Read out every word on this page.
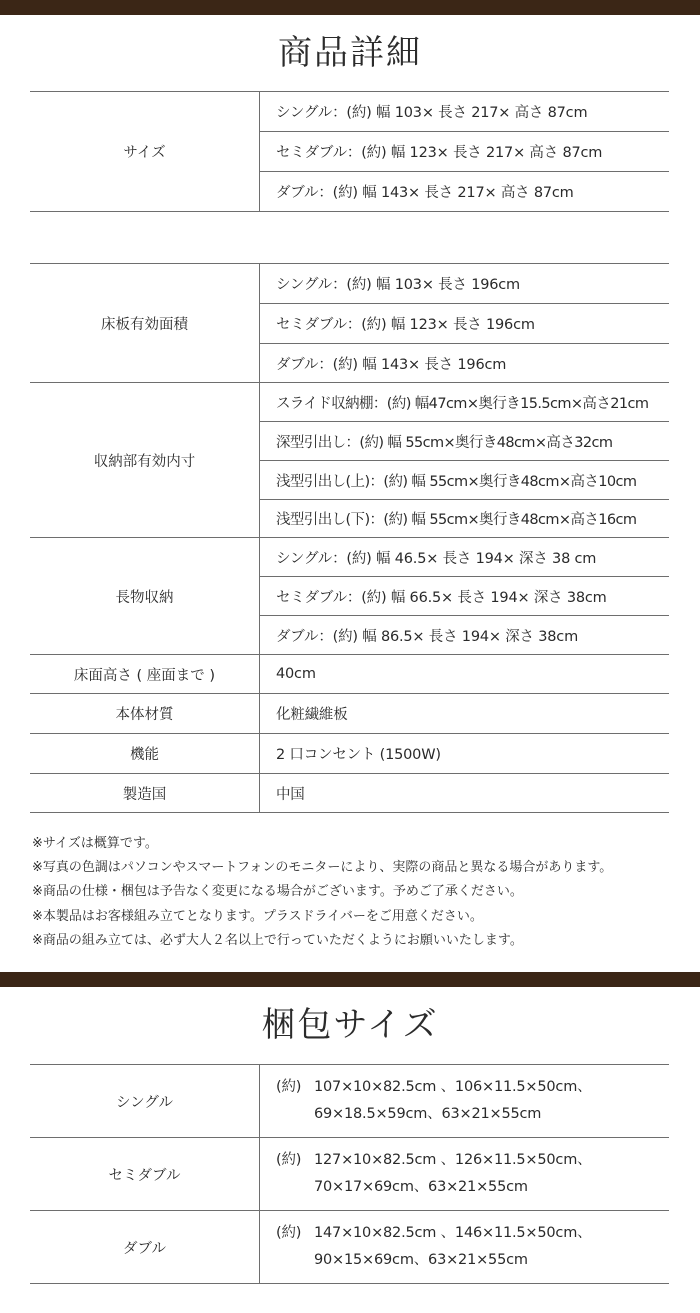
商品詳細
サイズ	シングル：(約) 幅 103× 長さ 217× 高さ 87cm
セミダブル：(約) 幅 123× 長さ 217× 高さ 87cm
ダブル：(約) 幅 143× 長さ 217× 高さ 87cm
床板有効面積	シングル：(約) 幅 103× 長さ 196cm
	セミダブル：(約) 幅 123× 長さ 196cm
	ダブル：(約) 幅 143× 長さ 196cm
収納部有効内寸	スライド収納棚：(約) 幅47cm×奥行き15.5cm×高さ21cm
	深型引出し：(約) 幅 55cm×奥行き48cm×高さ32cm
	浅型引出し(上)：(約) 幅 55cm×奥行き48cm×高さ10cm
	浅型引出し(下)：(約) 幅 55cm×奥行き48cm×高さ16cm
長物収納	シングル：(約) 幅 46.5× 長さ 194× 深さ 38 cm
	セミダブル：(約) 幅 66.5× 長さ 194× 深さ 38cm
	ダブル：(約) 幅 86.5× 長さ 194× 深さ 38cm
床面高さ ( 座面まで )	40cm
本体材質	化粧繊維板
機能	2 口コンセント (1500W)
製造国	中国
※サイズは概算です。
※写真の色調はパソコンやスマートフォンのモニターにより、実際の商品と異なる場合があります。
※商品の仕様・梱包は予告なく変更になる場合がございます。予めご了承ください。
※本製品はお客様組み立てとなります。プラスドライバーをご用意ください。
※商品の組み立ては、必ず大人２名以上で行っていただくようにお願いいたします。
梱包サイズ
シングル	(約) 107×10×82.5cm 、106×11.5×50cm、
69×18.5×59cm、63×21×55cm

セミダブル	(約) 127×10×82.5cm 、126×11.5×50cm、
70×17×69cm、63×21×55cm

ダブル	(約) 147×10×82.5cm 、146×11.5×50cm、
90×15×69cm、63×21×55cm
